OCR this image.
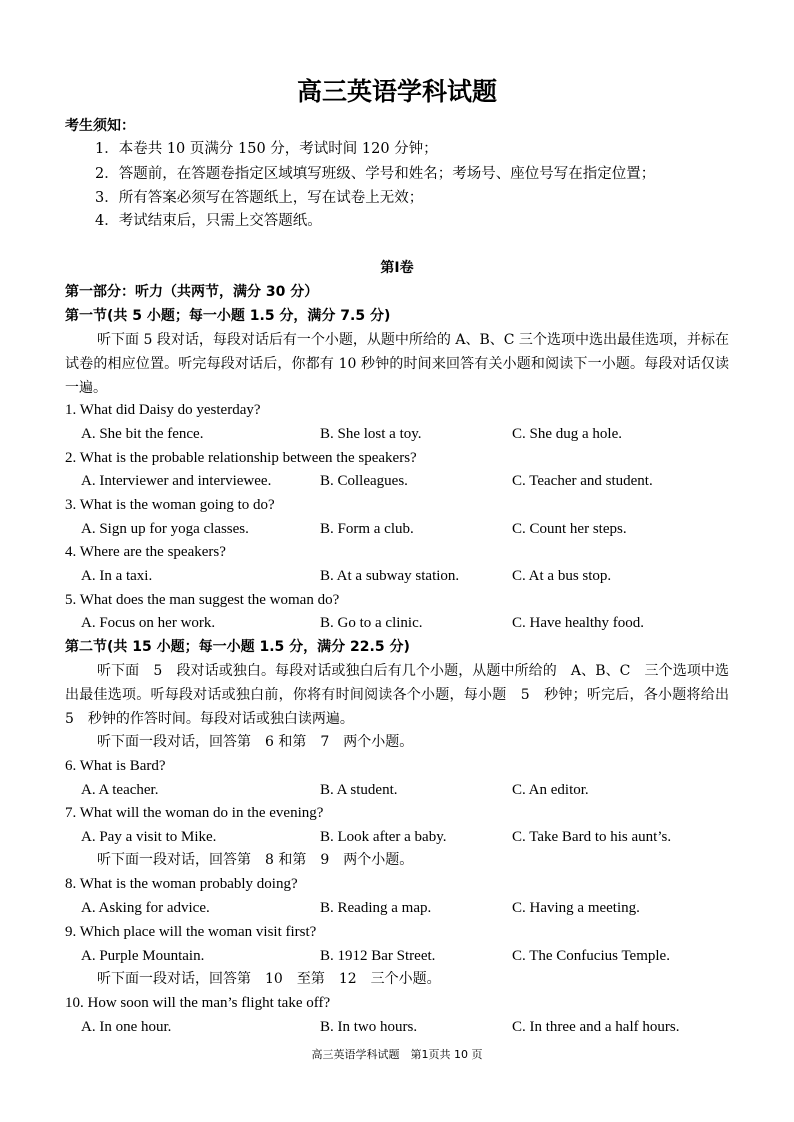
高三英语学科试题
考生须知：
1．本卷共 10 页满分 150 分，考试时间 120 分钟；
2．答题前，在答题卷指定区域填写班级、学号和姓名；考场号、座位号写在指定位置；
3．所有答案必须写在答题纸上，写在试卷上无效；
4．考试结束后，只需上交答题纸。
第Ⅰ卷
第一部分：听力（共两节，满分 30 分）
第一节(共 5 小题；每一小题 1.5 分，满分 7.5 分)
听下面 5 段对话，每段对话后有一个小题，从题中所给的 A、B、C 三个选项中选出最佳选项，并标在试卷的相应位置。听完每段对话后，你都有 10 秒钟的时间来回答有关小题和阅读下一小题。每段对话仅读一遍。
1. What did Daisy do yesterday?
A. She bit the fence.	B. She lost a toy.	C. She dug a hole.
2. What is the probable relationship between the speakers?
A. Interviewer and interviewee.	B. Colleagues.	C. Teacher and student.
3. What is the woman going to do?
A. Sign up for yoga classes.	B. Form a club.	C. Count her steps.
4. Where are the speakers?
A. In a taxi.	B. At a subway station.	C. At a bus stop.
5. What does the man suggest the woman do?
A. Focus on her work.	B. Go to a clinic.	C. Have healthy food.
第二节(共 15 小题；每一小题 1.5 分，满分 22.5 分)
听下面　5　段对话或独白。每段对话或独白后有几个小题，从题中所给的　A、B、C　三个选项中选出最佳选项。听每段对话或独白前，你将有时间阅读各个小题，每小题　5　秒钟；听完后，各小题将给出　5　秒钟的作答时间。每段对话或独白读两遍。
听下面一段对话，回答第　6 和第　7　两个小题。
6. What is Bard?
A. A teacher.	B. A student.	C. An editor.
7. What will the woman do in the evening?
A. Pay a visit to Mike.	B. Look after a baby.	C. Take Bard to his aunt’s.
听下面一段对话，回答第　8 和第　9　两个小题。
8. What is the woman probably doing?
A. Asking for advice.	B. Reading a map.	C. Having a meeting.
9. Which place will the woman visit first?
A. Purple Mountain.	B. 1912 Bar Street.	C. The Confucius Temple.
听下面一段对话，回答第　10　至第　12　三个小题。
10. How soon will the man’s flight take off?
A. In one hour.	B. In two hours.	C. In three and a half hours.
高三英语学科试题　第1页共 10 页
